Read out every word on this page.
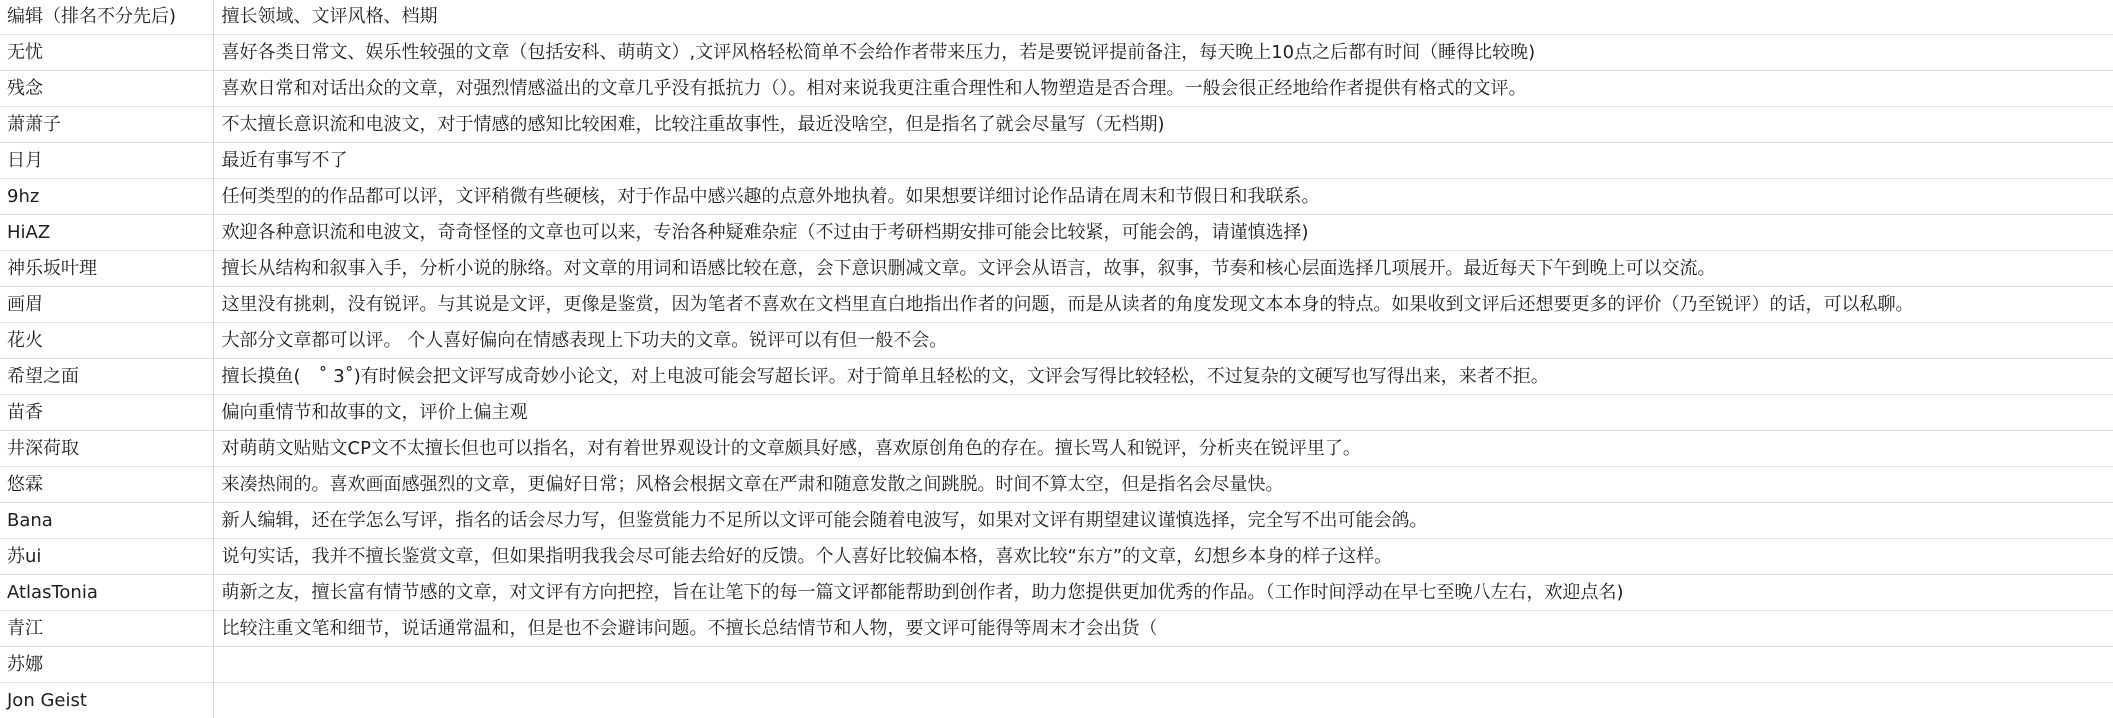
编辑（排名不分先后)	擅长领域、文评风格、档期
无忧	喜好各类日常文、娱乐性较强的文章（包括安科、萌萌文）,文评风格轻松简单不会给作者带来压力，若是要锐评提前备注，每天晚上10点之后都有时间（睡得比较晚)
残念	喜欢日常和对话出众的文章，对强烈情感溢出的文章几乎没有抵抗力（）。相对来说我更注重合理性和人物塑造是否合理。一般会很正经地给作者提供有格式的文评。
萧萧子	不太擅长意识流和电波文，对于情感的感知比较困难，比较注重故事性，最近没啥空，但是指名了就会尽量写（无档期)
日月	最近有事写不了
9hz	任何类型的的作品都可以评，文评稍微有些硬核，对于作品中感兴趣的点意外地执着。如果想要详细讨论作品请在周末和节假日和我联系。
HiAZ	欢迎各种意识流和电波文，奇奇怪怪的文章也可以来，专治各种疑难杂症（不过由于考研档期安排可能会比较紧，可能会鸽，请谨慎选择)
神乐坂叶理	擅长从结构和叙事入手，分析小说的脉络。对文章的用词和语感比较在意，会下意识删减文章。文评会从语言，故事，叙事，节奏和核心层面选择几项展开。最近每天下午到晚上可以交流。
画眉	这里没有挑刺，没有锐评。与其说是文评，更像是鉴赏，因为笔者不喜欢在文档里直白地指出作者的问题，而是从读者的角度发现文本本身的特点。如果收到文评后还想要更多的评价（乃至锐评）的话，可以私聊。
花火	大部分文章都可以评。 个人喜好偏向在情感表现上下功夫的文章。锐评可以有但一般不会。
希望之面	擅长摸鱼(　˚ 3˚)有时候会把文评写成奇妙小论文，对上电波可能会写超长评。对于简单且轻松的文，文评会写得比较轻松，不过复杂的文硬写也写得出来，来者不拒。
苗香	偏向重情节和故事的文，评价上偏主观
井深荷取	对萌萌文贴贴文CP文不太擅长但也可以指名，对有着世界观设计的文章颇具好感，喜欢原创角色的存在。擅长骂人和锐评，分析夹在锐评里了。
悠霖	来凑热闹的。喜欢画面感强烈的文章，更偏好日常；风格会根据文章在严肃和随意发散之间跳脱。时间不算太空，但是指名会尽量快。
Bana	新人编辑，还在学怎么写评，指名的话会尽力写，但鉴赏能力不足所以文评可能会随着电波写，如果对文评有期望建议谨慎选择，完全写不出可能会鸽。
苏ui	说句实话，我并不擅长鉴赏文章，但如果指明我我会尽可能去给好的反馈。个人喜好比较偏本格，喜欢比较“东方”的文章，幻想乡本身的样子这样。
AtlasTonia	萌新之友，擅长富有情节感的文章，对文评有方向把控，旨在让笔下的每一篇文评都能帮助到创作者，助力您提供更加优秀的作品。（工作时间浮动在早七至晚八左右，欢迎点名)
青江	比较注重文笔和细节，说话通常温和，但是也不会避讳问题。不擅长总结情节和人物，要文评可能得等周末才会出货（
苏娜	
Jon Geist	
